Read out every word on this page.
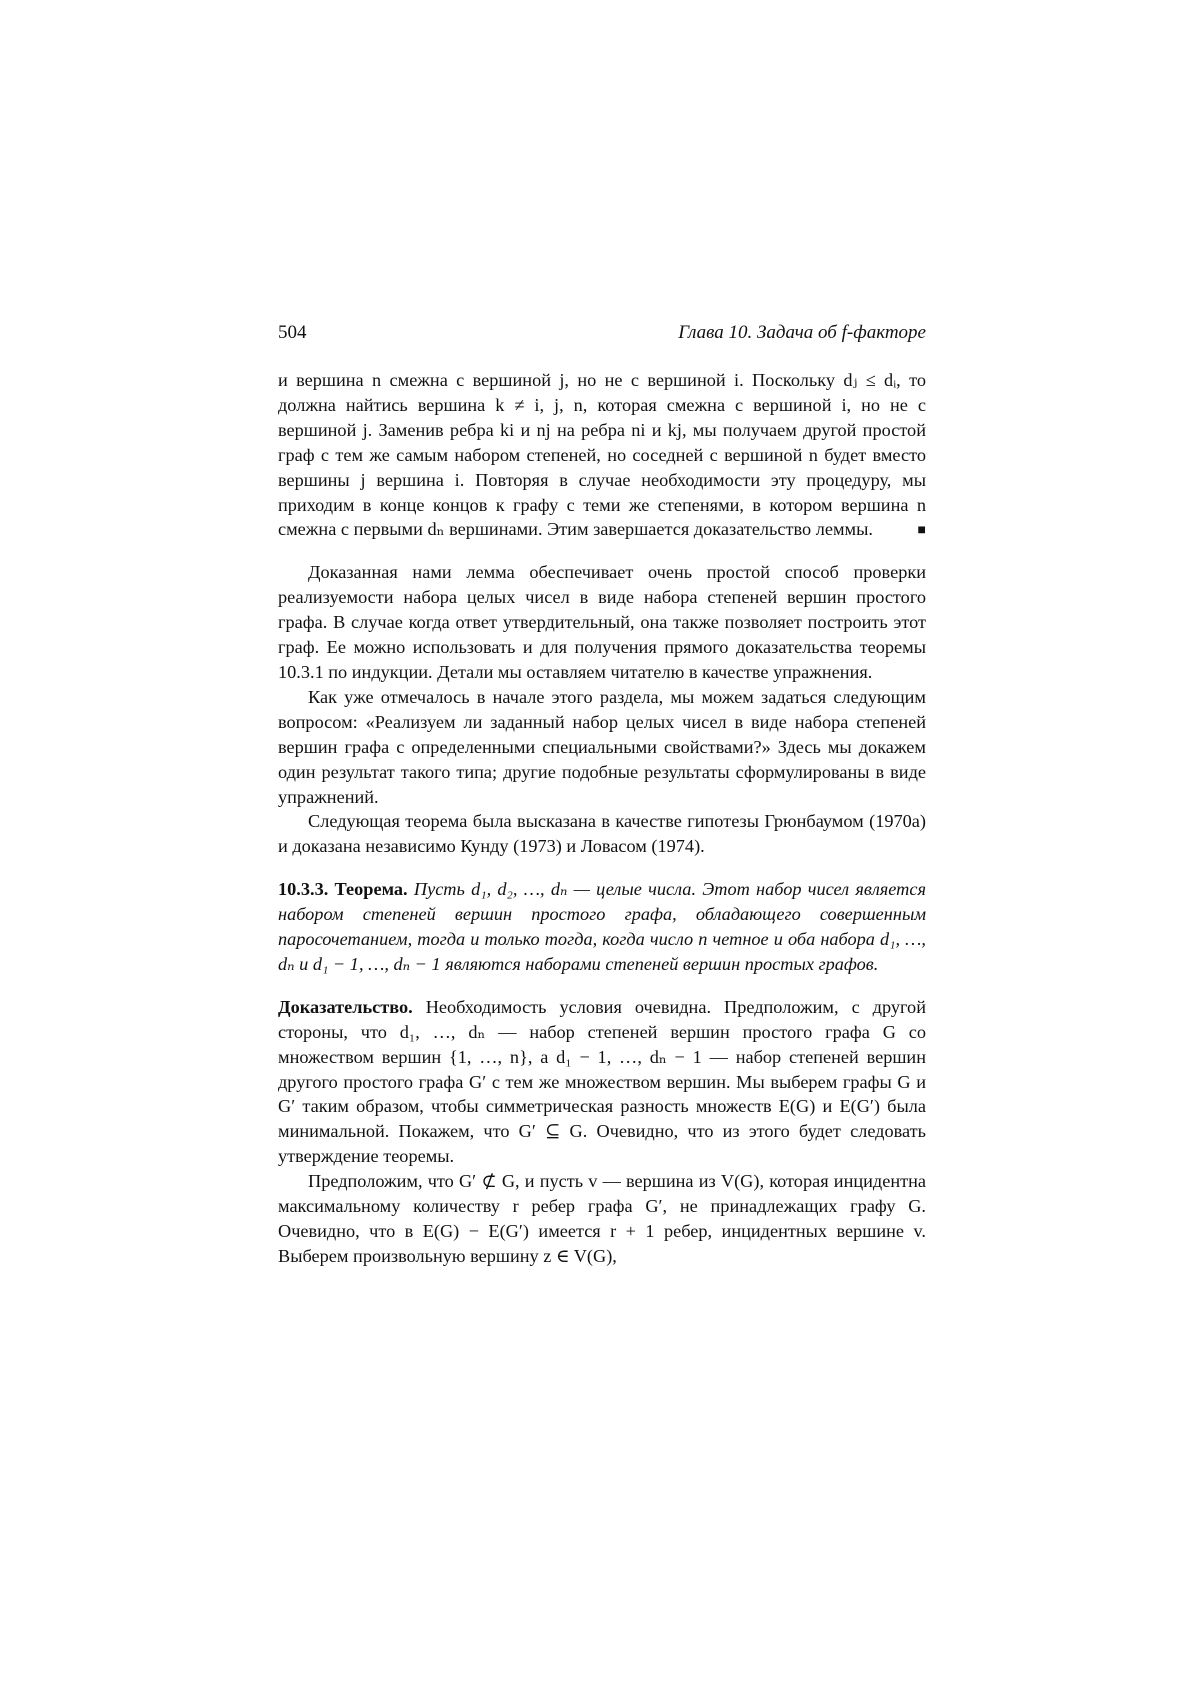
504	Глава 10. Задача об f-факторе

и вершина n смежна с вершиной j, но не с вершиной i. Поскольку dⱼ ≤ dᵢ, то должна найтись вершина k ≠ i, j, n, которая смежна с вершиной i, но не с вершиной j. Заменив ребра ki и nj на ребра ni и kj, мы получаем другой простой граф с тем же самым набором степеней, но соседней с вершиной n будет вместо вершины j вершина i. Повторяя в случае необходимости эту процедуру, мы приходим в конце концов к графу с теми же степенями, в котором вершина n смежна с первыми dₙ вершинами. Этим завершается доказательство леммы.	■

Доказанная нами лемма обеспечивает очень простой способ проверки реализуемости набора целых чисел в виде набора степеней вершин простого графа. В случае когда ответ утвердительный, она также позволяет построить этот граф. Ее можно использовать и для получения прямого доказательства теоремы 10.3.1 по индукции. Детали мы оставляем читателю в качестве упражнения.

Как уже отмечалось в начале этого раздела, мы можем задаться следующим вопросом: «Реализуем ли заданный набор целых чисел в виде набора степеней вершин графа с определенными специальными свойствами?» Здесь мы докажем один результат такого типа; другие подобные результаты сформулированы в виде упражнений.

Следующая теорема была высказана в качестве гипотезы Грюнбаумом (1970a) и доказана независимо Кунду (1973) и Ловасом (1974).

10.3.3. Теорема. Пусть d₁, d₂, …, dₙ — целые числа. Этот набор чисел является набором степеней вершин простого графа, обладающего совершенным паросочетанием, тогда и только тогда, когда число n четное и оба набора d₁, …, dₙ и d₁ − 1, …, dₙ − 1 являются наборами степеней вершин простых графов.

Доказательство. Необходимость условия очевидна. Предположим, с другой стороны, что d₁, …, dₙ — набор степеней вершин простого графа G со множеством вершин {1, …, n}, а d₁ − 1, …, dₙ − 1 — набор степеней вершин другого простого графа G′ с тем же множеством вершин. Мы выберем графы G и G′ таким образом, чтобы симметрическая разность множеств E(G) и E(G′) была минимальной. Покажем, что G′ ⊆ G. Очевидно, что из этого будет следовать утверждение теоремы.

Предположим, что G′ ⊄ G, и пусть v — вершина из V(G), которая инцидентна максимальному количеству r ребер графа G′, не принадлежащих графу G. Очевидно, что в E(G) − E(G′) имеется r + 1 ребер, инцидентных вершине v. Выберем произвольную вершину z ∈ V(G),
